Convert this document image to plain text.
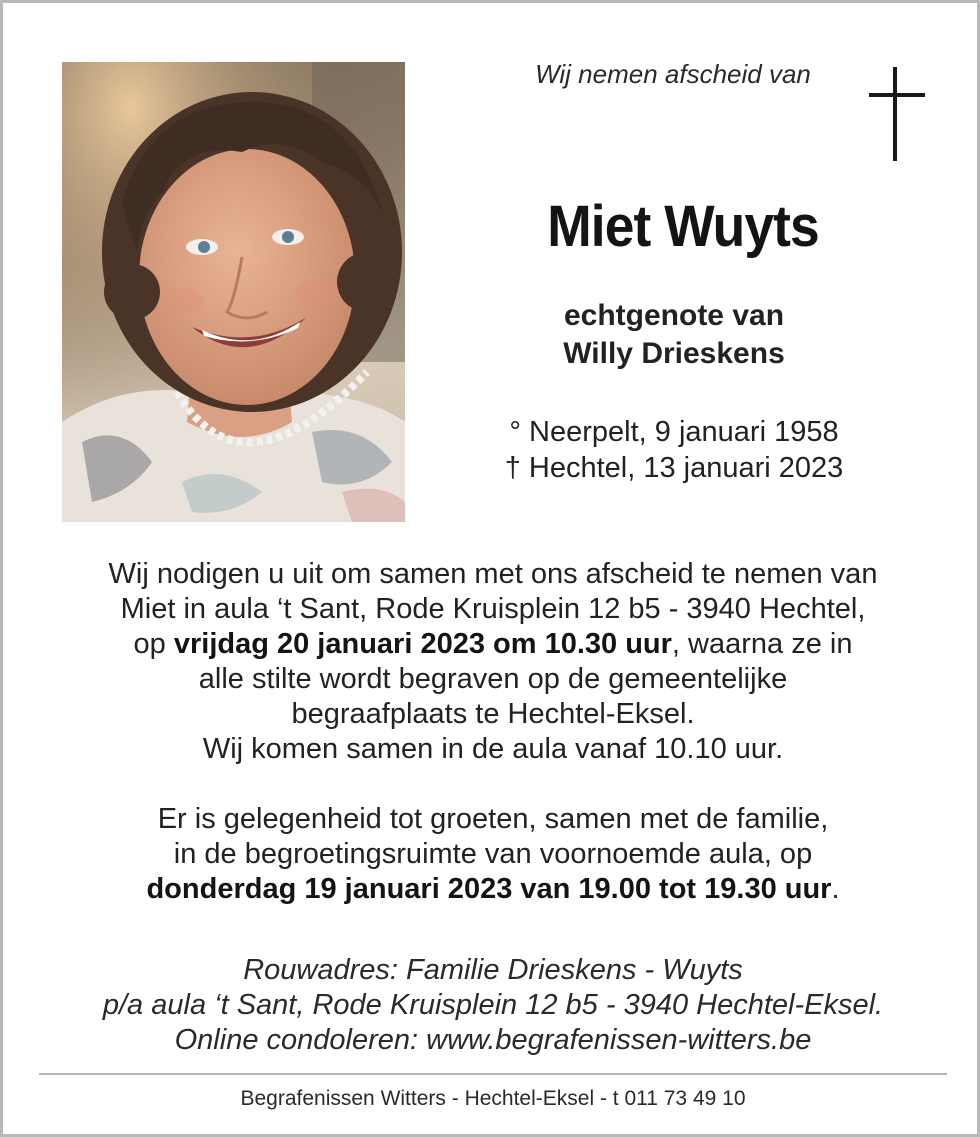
Wij nemen afscheid van
Miet Wuyts
echtgenote van
Willy Drieskens
° Neerpelt, 9 januari 1958
† Hechtel, 13 januari 2023
Wij nodigen u uit om samen met ons afscheid te nemen van
Miet in aula ‘t Sant, Rode Kruisplein 12 b5 - 3940 Hechtel,
op vrijdag 20 januari 2023 om 10.30 uur, waarna ze in
alle stilte wordt begraven op de gemeentelijke
begraafplaats te Hechtel-Eksel.
Wij komen samen in de aula vanaf 10.10 uur.
Er is gelegenheid tot groeten, samen met de familie,
in de begroetingsruimte van voornoemde aula, op
donderdag 19 januari 2023 van 19.00 tot 19.30 uur.
Rouwadres: Familie Drieskens - Wuyts
p/a aula ‘t Sant, Rode Kruisplein 12 b5 - 3940 Hechtel-Eksel.
Online condoleren: www.begrafenissen-witters.be
Begrafenissen Witters - Hechtel-Eksel - t 011 73 49 10
